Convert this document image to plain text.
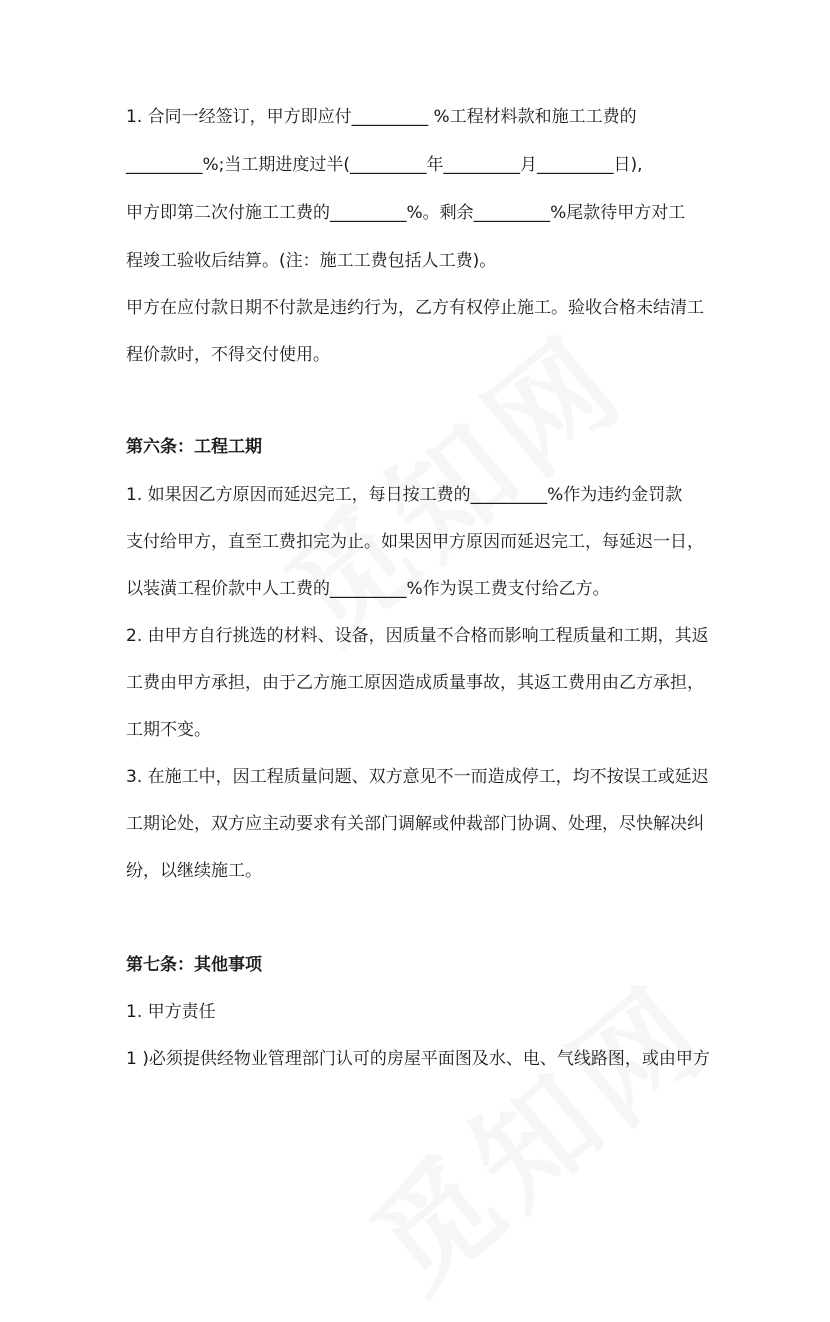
1. 合同一经签订，甲方即应付_________ %工程材料款和施工工费的
_________%;当工期进度过半(_________年_________月_________日),
甲方即第二次付施工工费的_________%。剩余_________%尾款待甲方对工
程竣工验收后结算。(注：施工工费包括人工费)。
甲方在应付款日期不付款是违约行为，乙方有权停止施工。验收合格未结清工
程价款时，不得交付使用。
第六条：工程工期
1. 如果因乙方原因而延迟完工，每日按工费的_________%作为违约金罚款
支付给甲方，直至工费扣完为止。如果因甲方原因而延迟完工，每延迟一日，
以装潢工程价款中人工费的_________%作为误工费支付给乙方。
2. 由甲方自行挑选的材料、设备，因质量不合格而影响工程质量和工期，其返
工费由甲方承担，由于乙方施工原因造成质量事故，其返工费用由乙方承担，
工期不变。
3. 在施工中，因工程质量问题、双方意见不一而造成停工，均不按误工或延迟
工期论处，双方应主动要求有关部门调解或仲裁部门协调、处理，尽快解决纠
纷，以继续施工。
第七条：其他事项
1. 甲方责任
1 )必须提供经物业管理部门认可的房屋平面图及水、电、气线路图，或由甲方
